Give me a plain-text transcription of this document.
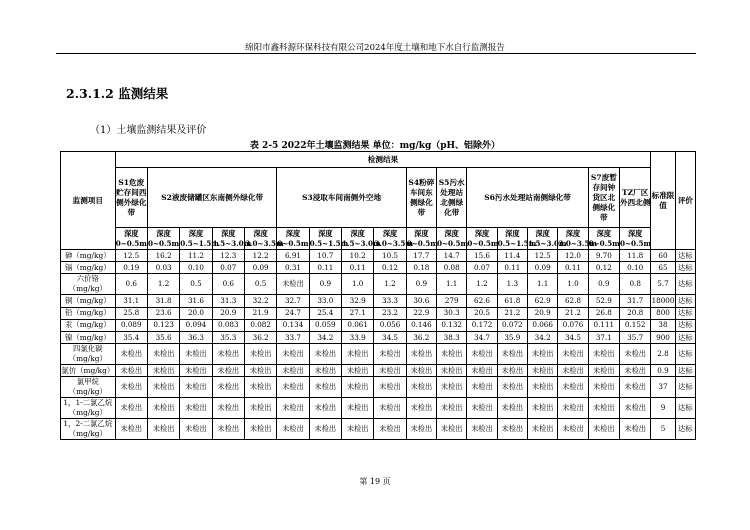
绵阳市鑫科源环保科技有限公司2024年度土壤和地下水自行监测报告
2.3.1.2 监测结果
（1）土壤监测结果及评价
表 2-5 2022年土壤监测结果 单位：mg/kg（pH、铝除外）
监测项目	检测结果																	标准限值	评价
	S1危废贮存间西侧外绿化带	S2液废储罐区东南侧外绿化带				S3浸取车间南侧外空地				S4粉碎车间东侧绿化带	S5污水处理站北侧绿化带	S6污水处理站南侧绿化带				S7废暂存间钟货区北侧绿化带	TZ厂区外西北侧		
	深度0~0.5m	深度0~0.5m	深度0.5~1.5m	深度1.5~3.0m	深度3.0~3.5m	深度0~0.5m	深度0.5~1.5m	深度1.5~3.0m	深度3.0~3.5m	深度0~0.5m	深度0~0.5m	深度0~0.5m	深度0.5~1.5m	深度1.5~3.0m	深度3.0~3.5m	深度0~0.5m	深度0~0.5m		
砷（mg/kg）	12.5	16.2	11.2	12.3	12.2	6.91	10.7	10.2	10.5	17.7	14.7	15.6	11.4	12.5	12.0	9.70	11.8	60	达标
镉（mg/kg）	0.19	0.03	0.10	0.07	0.09	0.31	0.11	0.11	0.12	0.18	0.08	0.07	0.11	0.09	0.11	0.12	0.10	65	达标
六价铬（mg/kg）	0.6	1.2	0.5	0.6	0.5	未检出	0.9	1.0	1.2	0.9	1.1	1.2	1.3	1.1	1.0	0.9	0.8	5.7	达标
铜（mg/kg）	31.1	31.8	31.6	31.3	32.2	32.7	33.0	32.9	33.3	30.6	279	62.6	61.8	62.9	62.8	52.9	31.7	18000	达标
铅（mg/kg）	25.8	23.6	20.0	20.9	21.9	24.7	25.4	27.1	23.2	22.9	30.3	20.5	21.2	20.9	21.2	26.8	20.8	800	达标
汞（mg/kg）	0.089	0.123	0.094	0.083	0.082	0.134	0.059	0.061	0.056	0.146	0.132	0.172	0.072	0.066	0.076	0.111	0.152	38	达标
镍（mg/kg）	35.4	35.6	36.3	35.3	36.2	33.7	34.2	33.9	34.5	36.2	38.3	34.7	35.9	34.2	34.5	37.1	35.7	900	达标
四氯化碳（mg/kg）	未检出	未检出	未检出	未检出	未检出	未检出	未检出	未检出	未检出	未检出	未检出	未检出	未检出	未检出	未检出	未检出	未检出	2.8	达标
氯仿（mg/kg）	未检出	未检出	未检出	未检出	未检出	未检出	未检出	未检出	未检出	未检出	未检出	未检出	未检出	未检出	未检出	未检出	未检出	0.9	达标
氯甲烷（mg/kg）	未检出	未检出	未检出	未检出	未检出	未检出	未检出	未检出	未检出	未检出	未检出	未检出	未检出	未检出	未检出	未检出	未检出	37	达标
1，1-二氯乙烷（mg/kg）	未检出	未检出	未检出	未检出	未检出	未检出	未检出	未检出	未检出	未检出	未检出	未检出	未检出	未检出	未检出	未检出	未检出	9	达标
1，2-二氯乙烷（mg/kg）	未检出	未检出	未检出	未检出	未检出	未检出	未检出	未检出	未检出	未检出	未检出	未检出	未检出	未检出	未检出	未检出	未检出	5	达标
第 19 页
